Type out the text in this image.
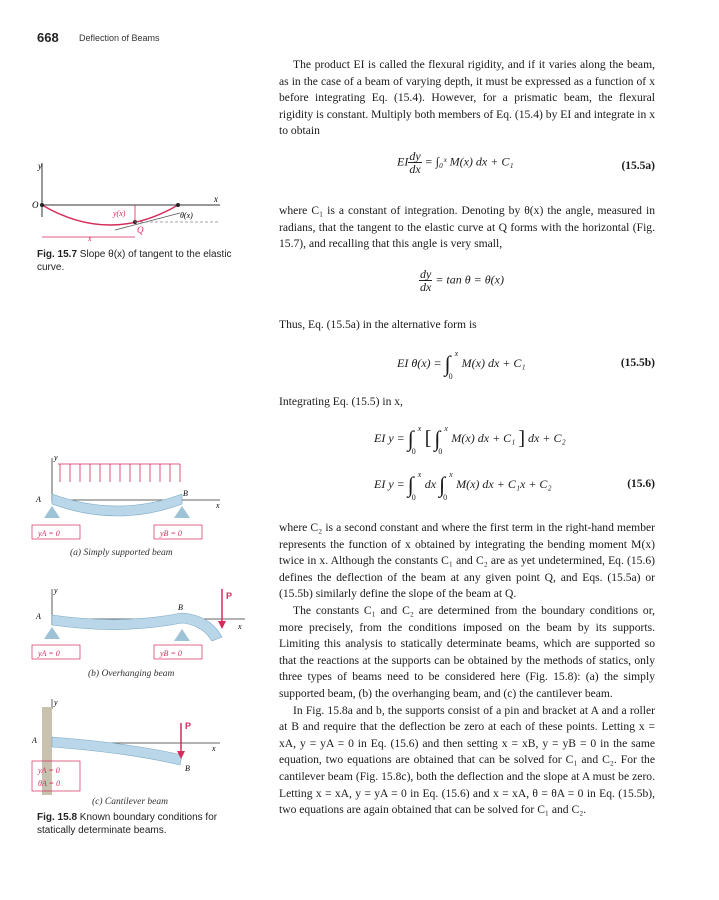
668 Deflection of Beams

The product EI is called the flexural rigidity, and if it varies along the beam, as in the case of a beam of varying depth, it must be expressed as a function of x before integrating Eq. (15.4). However, for a prismatic beam, the flexural rigidity is constant. Multiply both members of Eq. (15.4) by EI and integrate in x to obtain

EI $\frac{dy}{dx}$ = ∫₀ˣ M(x) dx + C₁	(15.5a)

where C₁ is a constant of integration. Denoting by θ(x) the angle, measured in radians, that the tangent to the elastic curve at Q forms with the horizontal (Fig. 15.7), and recalling that this angle is very small,

$\frac{dy}{dx} = \tan \theta = \theta(x)$

Thus, Eq. (15.5a) in the alternative form is

EI θ(x) = ∫ x
0
M(x) dx + C₁	(15.5b)

Integrating Eq. (15.5) in x,

EI y = ∫ x
0
[ ∫ x
0
M(x) dx + C₁ ] dx + C₂
EI y = ∫ x
0
dx ∫ x
0
M(x) dx + C₁x + C₂	(15.6)

where C₂ is a second constant and where the first term in the right-hand member represents the function of x obtained by integrating the bending moment M(x) twice in x. Although the constants C₁ and C₂ are as yet undetermined, Eq. (15.6) defines the deflection of the beam at any given point Q, and Eqs. (15.5a) or (15.5b) similarly define the slope of the beam at Q.

The constants C₁ and C₂ are determined from the boundary conditions or, more precisely, from the conditions imposed on the beam by its supports. Limiting this analysis to statically determinate beams, which are supported so that the reactions at the supports can be obtained by the methods of statics, only three types of beams need to be considered here (Fig. 15.8): (a) the simply supported beam, (b) the overhanging beam, and (c) the cantilever beam.

In Fig. 15.8a and b, the supports consist of a pin and bracket at A and a roller at B and require that the deflection be zero at each of these points. Letting x = xA, y = yA = 0 in Eq. (15.6) and then setting x = xB, y = yB = 0 in the same equation, two equations are obtained that can be solved for C₁ and C₂. For the cantilever beam (Fig. 15.8c), both the deflection and the slope at A must be zero. Letting x = xA, y = yA = 0 in Eq. (15.6) and x = xA, θ = θA = 0 in Eq. (15.5b), two equations are again obtained that can be solved for C₁ and C₂.

y
x
O
y(x)	θ(x)
Q
x
Fig. 15.7 Slope θ(x) of tangent to the elastic curve.
y
x
A
B
yA = 0	yB = 0
(a) Simply supported beam
y
x
A
B
P
yA = 0	yB = 0
(b) Overhanging beam
y
x
A
B
P
yA = 0
θA = 0
(c) Cantilever beam
Fig. 15.8 Known boundary conditions for statically determinate beams.
